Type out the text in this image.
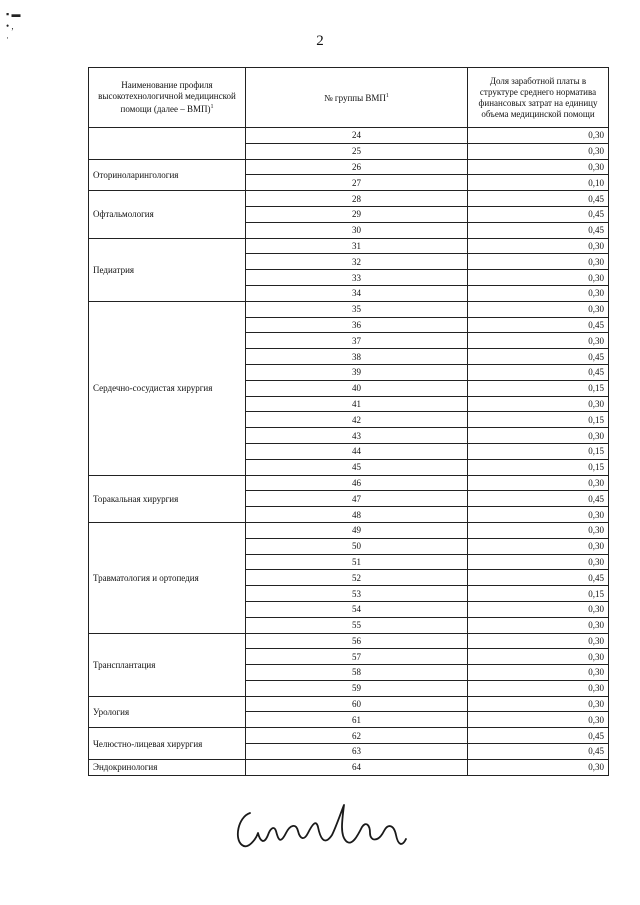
▪ ▬
• ,
·	2
Наименование профиля высокотехнологичной медицинской помощи (далее – ВМП)$^1$	№ группы ВМП$^1$	Доля заработной платы в структуре среднего норматива финансовых затрат на единицу объема медицинской помощи
	24	0,30
	25	0,30
Оториноларингология	26	0,30
	27	0,10
Офтальмология	28	0,45
	29	0,45
	30	0,45
Педиатрия	31	0,30
	32	0,30
	33	0,30
	34	0,30
Сердечно-сосудистая хирургия	35	0,30
	36	0,45
	37	0,30
	38	0,45
	39	0,45
	40	0,15
	41	0,30
	42	0,15
	43	0,30
	44	0,15
	45	0,15
Торакальная хирургия	46	0,30
	47	0,45
	48	0,30
Травматология и ортопедия	49	0,30
	50	0,30
	51	0,30
	52	0,45
	53	0,15
	54	0,30
	55	0,30
Трансплантация	56	0,30
	57	0,30
	58	0,30
	59	0,30
Урология	60	0,30
	61	0,30
Челюстно-лицевая хирургия	62	0,45
	63	0,45
Эндокринология	64	0,30
